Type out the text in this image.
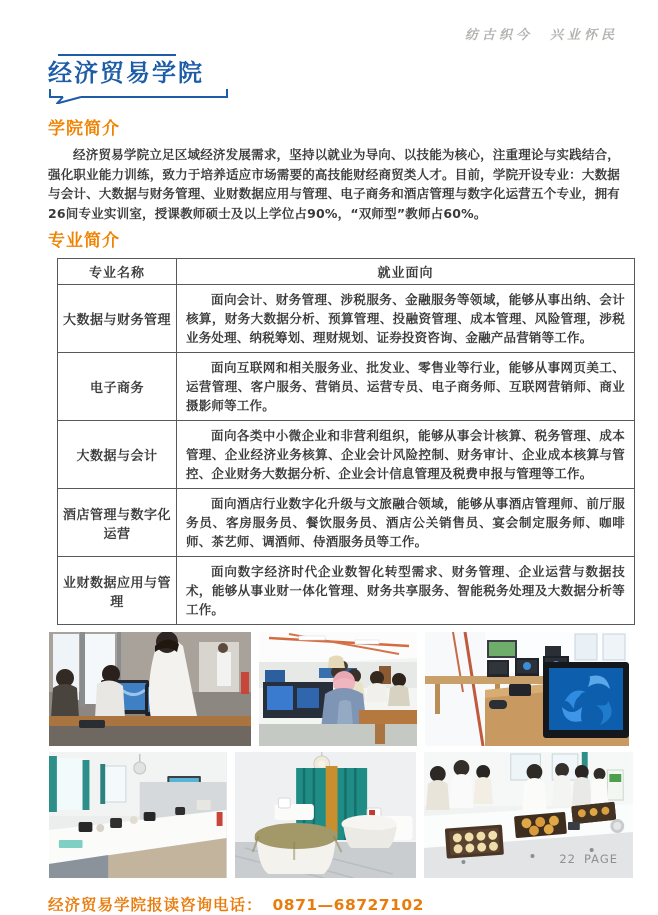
纺古织今  兴业怀民
经济贸易学院
学院简介

经济贸易学院立足区域经济发展需求，坚持以就业为导向、以技能为核心，注重理论与实践结合，强化职业能力训练，致力于培养适应市场需要的高技能财经商贸类人才。目前，学院开设专业：大数据与会计、大数据与财务管理、业财数据应用与管理、电子商务和酒店管理与数字化运营五个专业，拥有26间专业实训室，授课教师硕士及以上学位占90%，“双师型”教师占60%。

专业简介
专业名称	就业面向
大数据与财务管理	面向会计、财务管理、涉税服务、金融服务等领域，能够从事出纳、会计核算，财务大数据分析、预算管理、投融资管理、成本管理、风险管理，涉税业务处理、纳税筹划、理财规划、证券投资咨询、金融产品营销等工作。
电子商务	面向互联网和相关服务业、批发业、零售业等行业，能够从事网页美工、运营管理、客户服务、营销员、运营专员、电子商务师、互联网营销师、商业摄影师等工作。
大数据与会计	面向各类中小微企业和非营利组织，能够从事会计核算、税务管理、成本管理、企业经济业务核算、企业会计风险控制、财务审计、企业成本核算与管控、企业财务大数据分析、企业会计信息管理及税费申报与管理等工作。
酒店管理与数字化运营	面向酒店行业数字化升级与文旅融合领域，能够从事酒店管理师、前厅服务员、客房服务员、餐饮服务员、酒店公关销售员、宴会制定服务师、咖啡师、茶艺师、调酒师、侍酒服务员等工作。
业财数据应用与管理	面向数字经济时代企业数智化转型需求、财务管理、企业运营与数据技术，能够从事业财一体化管理、财务共享服务、智能税务处理及大数据分析等工作。
经济贸易学院报读咨询电话： 0871—68727102
22 PAGE
